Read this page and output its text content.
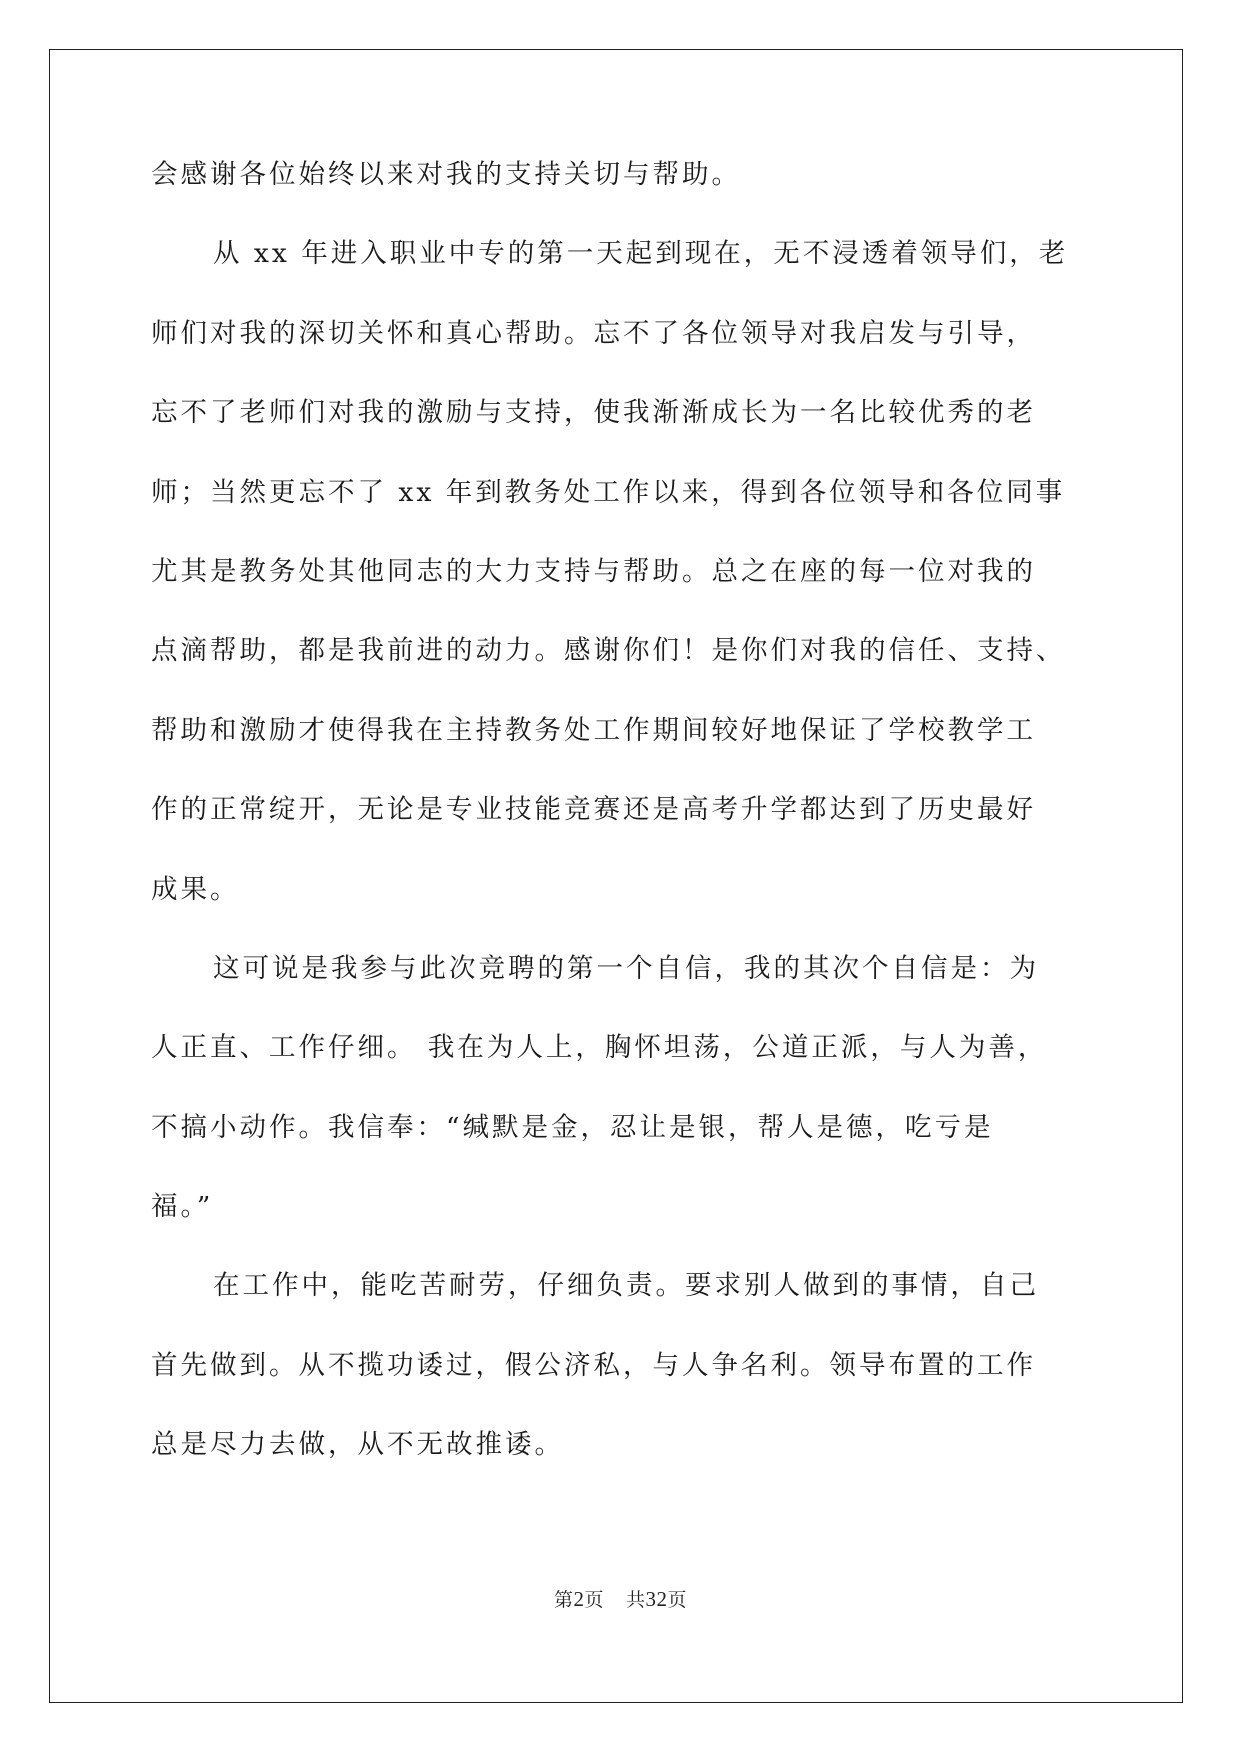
会感谢各位始终以来对我的支持关切与帮助。
从 xx 年进入职业中专的第一天起到现在，无不浸透着领导们，老
师们对我的深切关怀和真心帮助。忘不了各位领导对我启发与引导，
忘不了老师们对我的激励与支持，使我渐渐成长为一名比较优秀的老
师；当然更忘不了 xx 年到教务处工作以来，得到各位领导和各位同事
尤其是教务处其他同志的大力支持与帮助。总之在座的每一位对我的
点滴帮助，都是我前进的动力。感谢你们！是你们对我的信任、支持、
帮助和激励才使得我在主持教务处工作期间较好地保证了学校教学工
作的正常绽开，无论是专业技能竞赛还是高考升学都达到了历史最好
成果。
这可说是我参与此次竞聘的第一个自信，我的其次个自信是：为
人正直、工作仔细。 我在为人上，胸怀坦荡，公道正派，与人为善，
不搞小动作。我信奉：“缄默是金，忍让是银，帮人是德，吃亏是
福。”
在工作中，能吃苦耐劳，仔细负责。要求别人做到的事情，自己
首先做到。从不揽功诿过，假公济私，与人争名利。领导布置的工作
总是尽力去做，从不无故推诿。
第2页 共32页
